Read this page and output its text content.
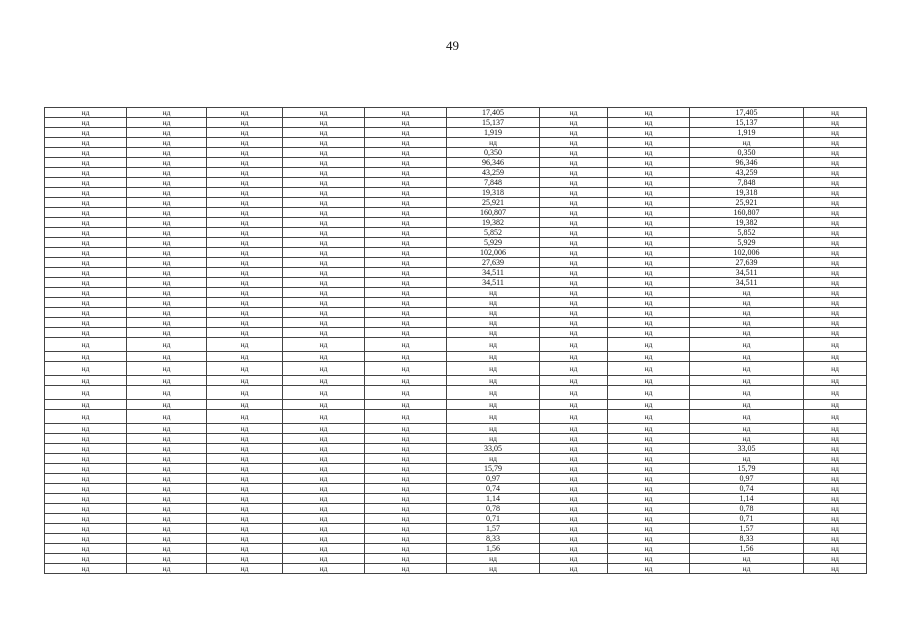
49
нд	нд	нд	нд	нд	17,405	нд	нд	17,405	нд
нд	нд	нд	нд	нд	15,137	нд	нд	15,137	нд
нд	нд	нд	нд	нд	1,919	нд	нд	1,919	нд
нд	нд	нд	нд	нд	нд	нд	нд	нд	нд
нд	нд	нд	нд	нд	0,350	нд	нд	0,350	нд
нд	нд	нд	нд	нд	96,346	нд	нд	96,346	нд
нд	нд	нд	нд	нд	43,259	нд	нд	43,259	нд
нд	нд	нд	нд	нд	7,848	нд	нд	7,848	нд
нд	нд	нд	нд	нд	19,318	нд	нд	19,318	нд
нд	нд	нд	нд	нд	25,921	нд	нд	25,921	нд
нд	нд	нд	нд	нд	160,807	нд	нд	160,807	нд
нд	нд	нд	нд	нд	19,382	нд	нд	19,382	нд
нд	нд	нд	нд	нд	5,852	нд	нд	5,852	нд
нд	нд	нд	нд	нд	5,929	нд	нд	5,929	нд
нд	нд	нд	нд	нд	102,006	нд	нд	102,006	нд
нд	нд	нд	нд	нд	27,639	нд	нд	27,639	нд
нд	нд	нд	нд	нд	34,511	нд	нд	34,511	нд
нд	нд	нд	нд	нд	34,511	нд	нд	34,511	нд
нд	нд	нд	нд	нд	нд	нд	нд	нд	нд
нд	нд	нд	нд	нд	нд	нд	нд	нд	нд
нд	нд	нд	нд	нд	нд	нд	нд	нд	нд
нд	нд	нд	нд	нд	нд	нд	нд	нд	нд
нд	нд	нд	нд	нд	нд	нд	нд	нд	нд
нд	нд	нд	нд	нд	нд	нд	нд	нд	нд
нд	нд	нд	нд	нд	нд	нд	нд	нд	нд
нд	нд	нд	нд	нд	нд	нд	нд	нд	нд
нд	нд	нд	нд	нд	нд	нд	нд	нд	нд
нд	нд	нд	нд	нд	нд	нд	нд	нд	нд
нд	нд	нд	нд	нд	нд	нд	нд	нд	нд
нд	нд	нд	нд	нд	нд	нд	нд	нд	нд
нд	нд	нд	нд	нд	нд	нд	нд	нд	нд
нд	нд	нд	нд	нд	нд	нд	нд	нд	нд
нд	нд	нд	нд	нд	33,05	нд	нд	33,05	нд
нд	нд	нд	нд	нд	нд	нд	нд	нд	нд
нд	нд	нд	нд	нд	15,79	нд	нд	15,79	нд
нд	нд	нд	нд	нд	0,97	нд	нд	0,97	нд
нд	нд	нд	нд	нд	0,74	нд	нд	0,74	нд
нд	нд	нд	нд	нд	1,14	нд	нд	1,14	нд
нд	нд	нд	нд	нд	0,78	нд	нд	0,78	нд
нд	нд	нд	нд	нд	0,71	нд	нд	0,71	нд
нд	нд	нд	нд	нд	1,57	нд	нд	1,57	нд
нд	нд	нд	нд	нд	8,33	нд	нд	8,33	нд
нд	нд	нд	нд	нд	1,56	нд	нд	1,56	нд
нд	нд	нд	нд	нд	нд	нд	нд	нд	нд
нд	нд	нд	нд	нд	нд	нд	нд	нд	нд
